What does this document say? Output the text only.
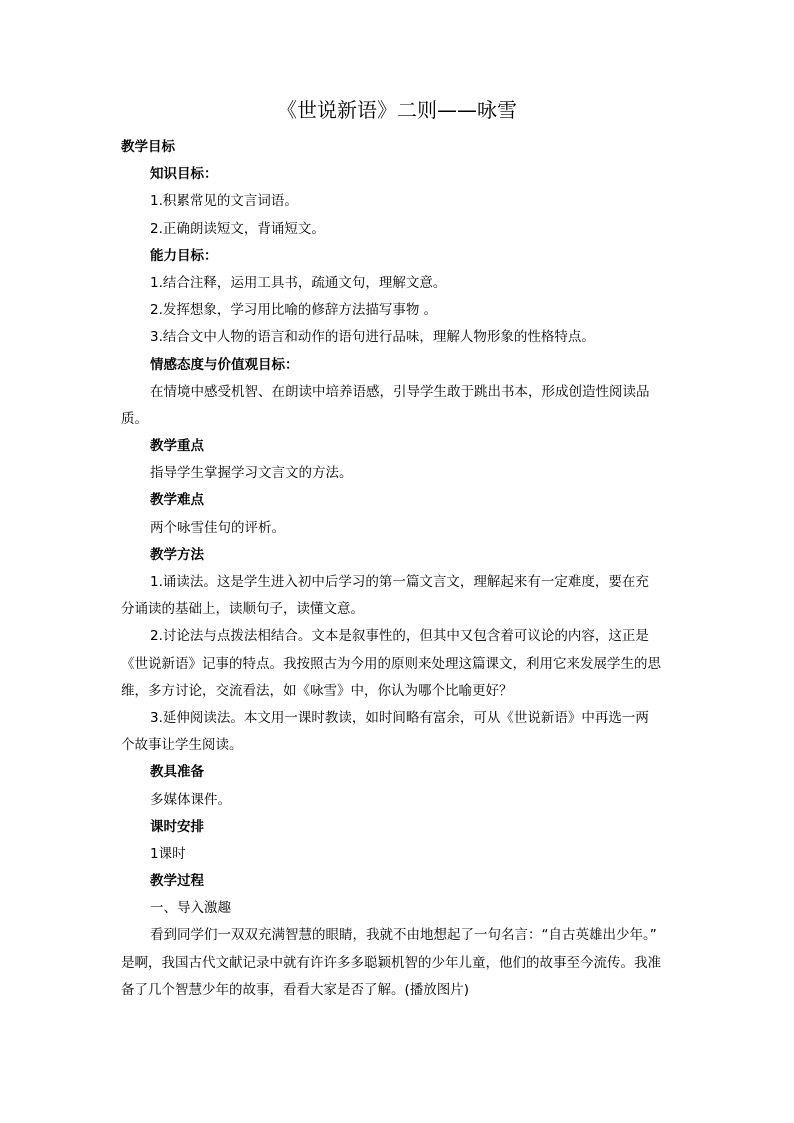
《世说新语》二则——咏雪
教学目标
知识目标：
1.积累常见的文言词语。
2.正确朗读短文，背诵短文。
能力目标：
1.结合注释，运用工具书，疏通文句，理解文意。
2.发挥想象，学习用比喻的修辞方法描写事物 。
3.结合文中人物的语言和动作的语句进行品味，理解人物形象的性格特点。
情感态度与价值观目标：
在情境中感受机智、在朗读中培养语感，引导学生敢于跳出书本，形成创造性阅读品
质。
教学重点
指导学生掌握学习文言文的方法。
教学难点
两个咏雪佳句的评析。
教学方法
1.诵读法。这是学生进入初中后学习的第一篇文言文，理解起来有一定难度，要在充
分诵读的基础上，读顺句子，读懂文意。
2.讨论法与点拨法相结合。文本是叙事性的，但其中又包含着可议论的内容，这正是
《世说新语》记事的特点。我按照古为今用的原则来处理这篇课文，利用它来发展学生的思
维，多方讨论，交流看法，如《咏雪》中，你认为哪个比喻更好？
3.延伸阅读法。本文用一课时教读，如时间略有富余，可从《世说新语》中再选一两
个故事让学生阅读。
教具准备
多媒体课件。
课时安排
1课时
教学过程
一、导入激趣
看到同学们一双双充满智慧的眼睛，我就不由地想起了一句名言：“自古英雄出少年。”
是啊，我国古代文献记录中就有许许多多聪颖机智的少年儿童，他们的故事至今流传。我准
备了几个智慧少年的故事，看看大家是否了解。(播放图片)
